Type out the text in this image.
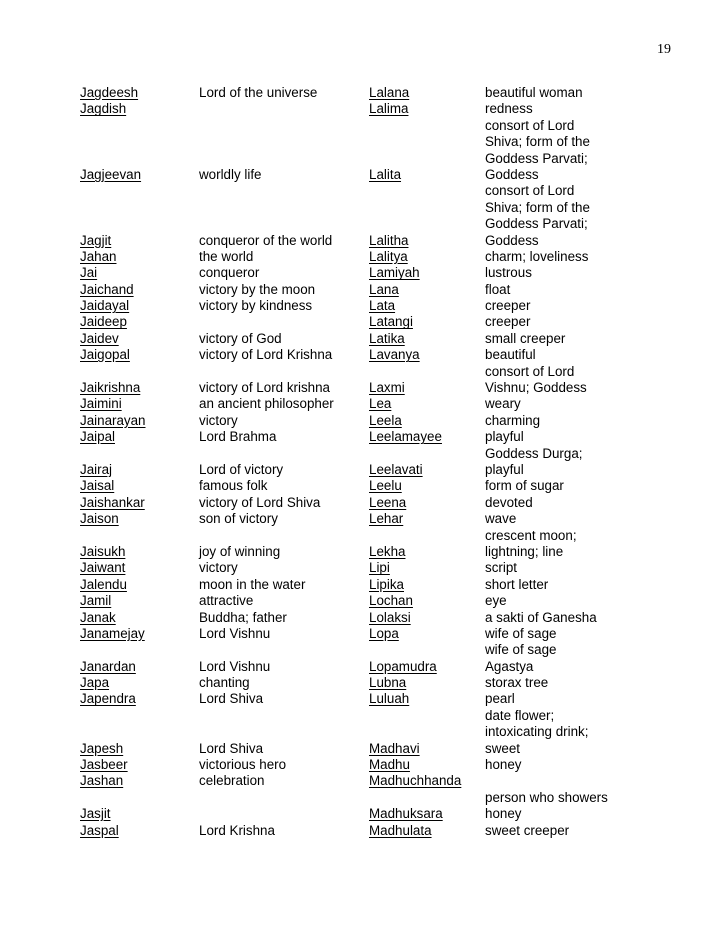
19
Jagdeesh
Jagdish
Jagjeevan
Jagjit
Jahan
Jai
Jaichand
Jaidayal
Jaideep
Jaidev
Jaigopal
Jaikrishna
Jaimini
Jainarayan
Jaipal
Jairaj
Jaisal
Jaishankar
Jaison
Jaisukh
Jaiwant
Jalendu
Jamil
Janak
Janamejay
Janardan
Japa
Japendra
Japesh
Jasbeer
Jashan
Jasjit
Jaspal
Lord of the universe
worldly life
conqueror of the world
the world
conqueror
victory by the moon
victory by kindness
victory of God
victory of Lord Krishna
victory of Lord krishna
an ancient philosopher
victory
Lord Brahma
Lord of victory
famous folk
victory of Lord Shiva
son of victory
joy of winning
victory
moon in the water
attractive
Buddha; father
Lord Vishnu
Lord Vishnu
chanting
Lord Shiva
Lord Shiva
victorious hero
celebration
Lord Krishna
Lalana
Lalima
Lalita
Lalitha
Lalitya
Lamiyah
Lana
Lata
Latangi
Latika
Lavanya
Laxmi
Lea
Leela
Leelamayee
Leelavati
Leelu
Leena
Lehar
Lekha
Lipi
Lipika
Lochan
Lolaksi
Lopa
Lopamudra
Lubna
Luluah
Madhavi
Madhu
Madhuchhanda
Madhuksara
Madhulata
beautiful woman
redness
consort of Lord
Shiva; form of the
Goddess Parvati;
Goddess
consort of Lord
Shiva; form of the
Goddess Parvati;
Goddess
charm; loveliness
lustrous
float
creeper
creeper
small creeper
beautiful
consort of Lord
Vishnu; Goddess
weary
charming
playful
Goddess Durga;
playful
form of sugar
devoted
wave
crescent moon;
lightning; line
script
short letter
eye
a sakti of Ganesha
wife of sage
wife of sage
Agastya
storax tree
pearl
date flower;
intoxicating drink;
sweet
honey
person who showers
honey
sweet creeper
